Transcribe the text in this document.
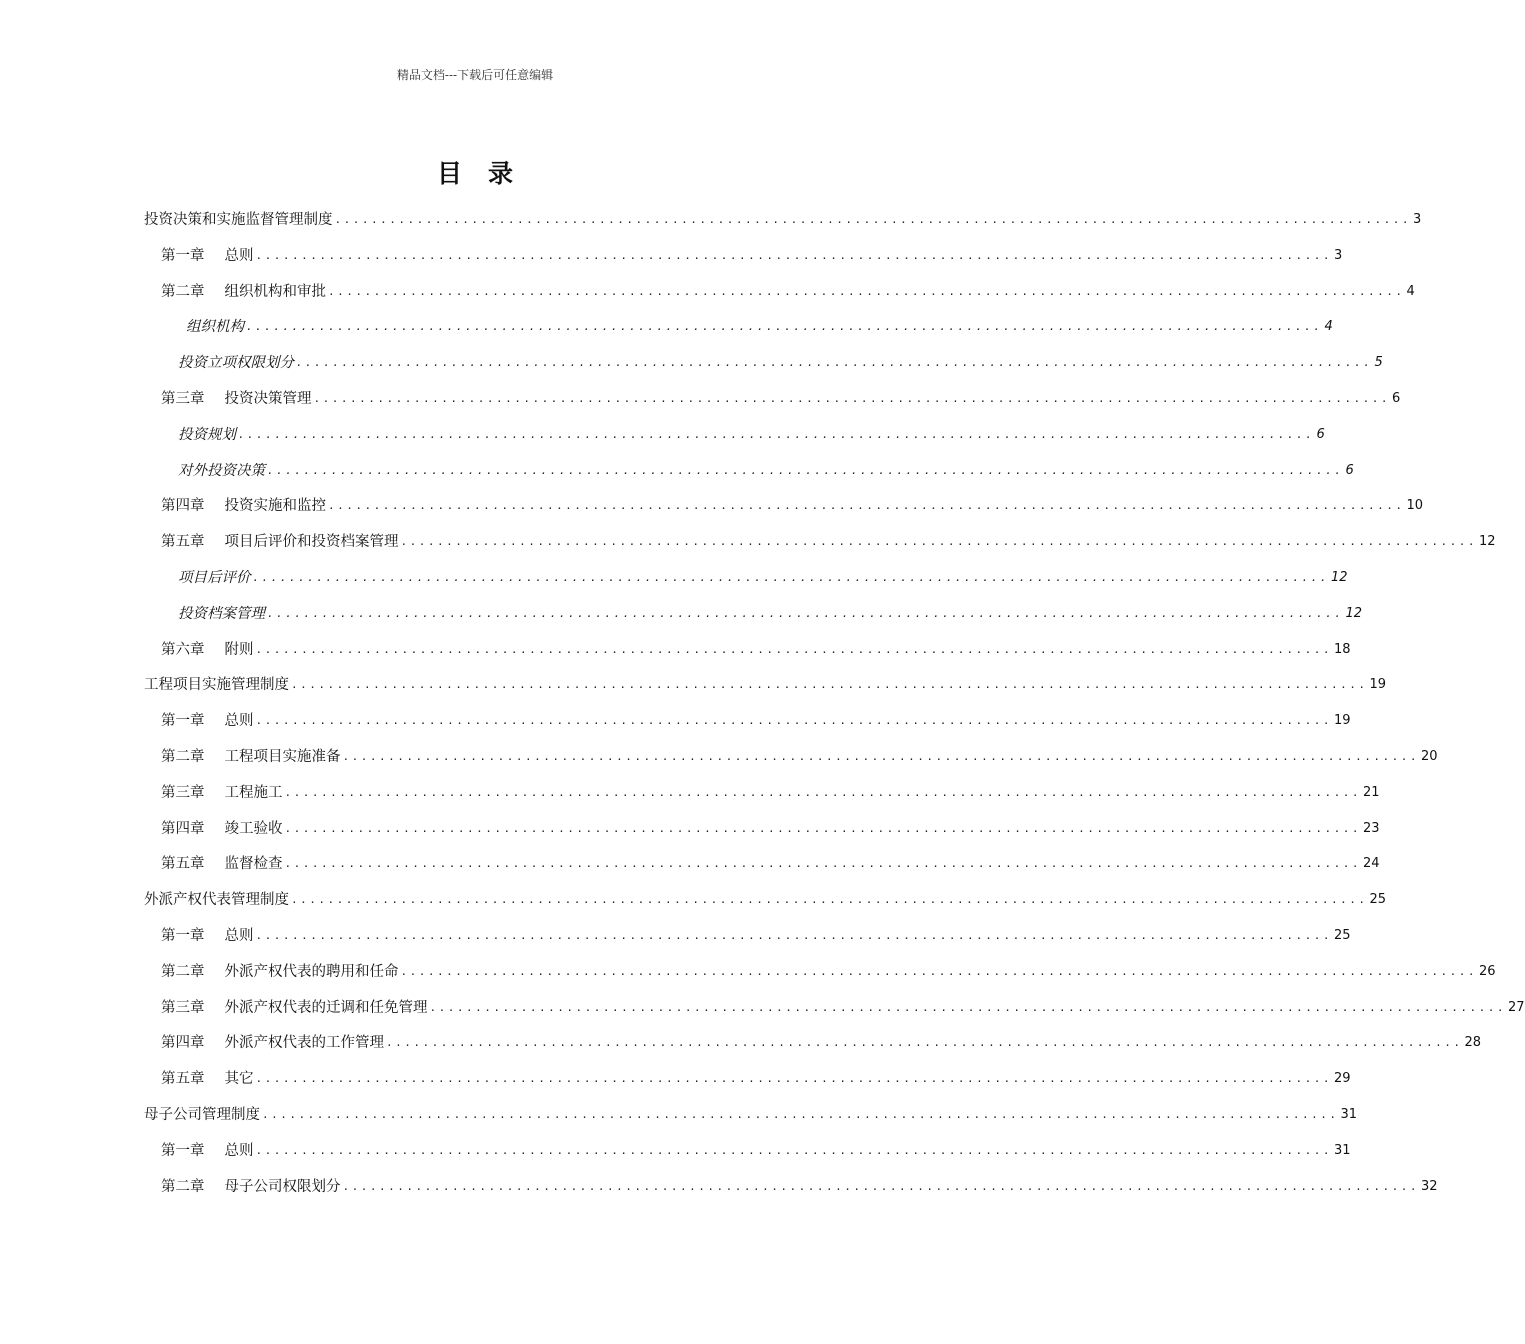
精品文档---下载后可任意编辑
目录
投资决策和实施监督管理制度 ...................................................................................................................... 3
第一章 总则 ...................................................................................................................... 3
第二章 组织机构和审批 ...................................................................................................................... 4
组织机构 ...................................................................................................................... 4
投资立项权限划分 ...................................................................................................................... 5
第三章 投资决策管理 ...................................................................................................................... 6
投资规划 ...................................................................................................................... 6
对外投资决策 ...................................................................................................................... 6
第四章 投资实施和监控 ...................................................................................................................... 10
第五章 项目后评价和投资档案管理 ...................................................................................................................... 12
项目后评价 ...................................................................................................................... 12
投资档案管理 ...................................................................................................................... 12
第六章 附则 ...................................................................................................................... 18
工程项目实施管理制度 ...................................................................................................................... 19
第一章 总则 ...................................................................................................................... 19
第二章 工程项目实施准备 ...................................................................................................................... 20
第三章 工程施工 ...................................................................................................................... 21
第四章 竣工验收 ...................................................................................................................... 23
第五章 监督检查 ...................................................................................................................... 24
外派产权代表管理制度 ...................................................................................................................... 25
第一章 总则 ...................................................................................................................... 25
第二章 外派产权代表的聘用和任命 ...................................................................................................................... 26
第三章 外派产权代表的迁调和任免管理 ...................................................................................................................... 27
第四章 外派产权代表的工作管理 ...................................................................................................................... 28
第五章 其它 ...................................................................................................................... 29
母子公司管理制度 ...................................................................................................................... 31
第一章 总则 ...................................................................................................................... 31
第二章 母子公司权限划分 ...................................................................................................................... 32
